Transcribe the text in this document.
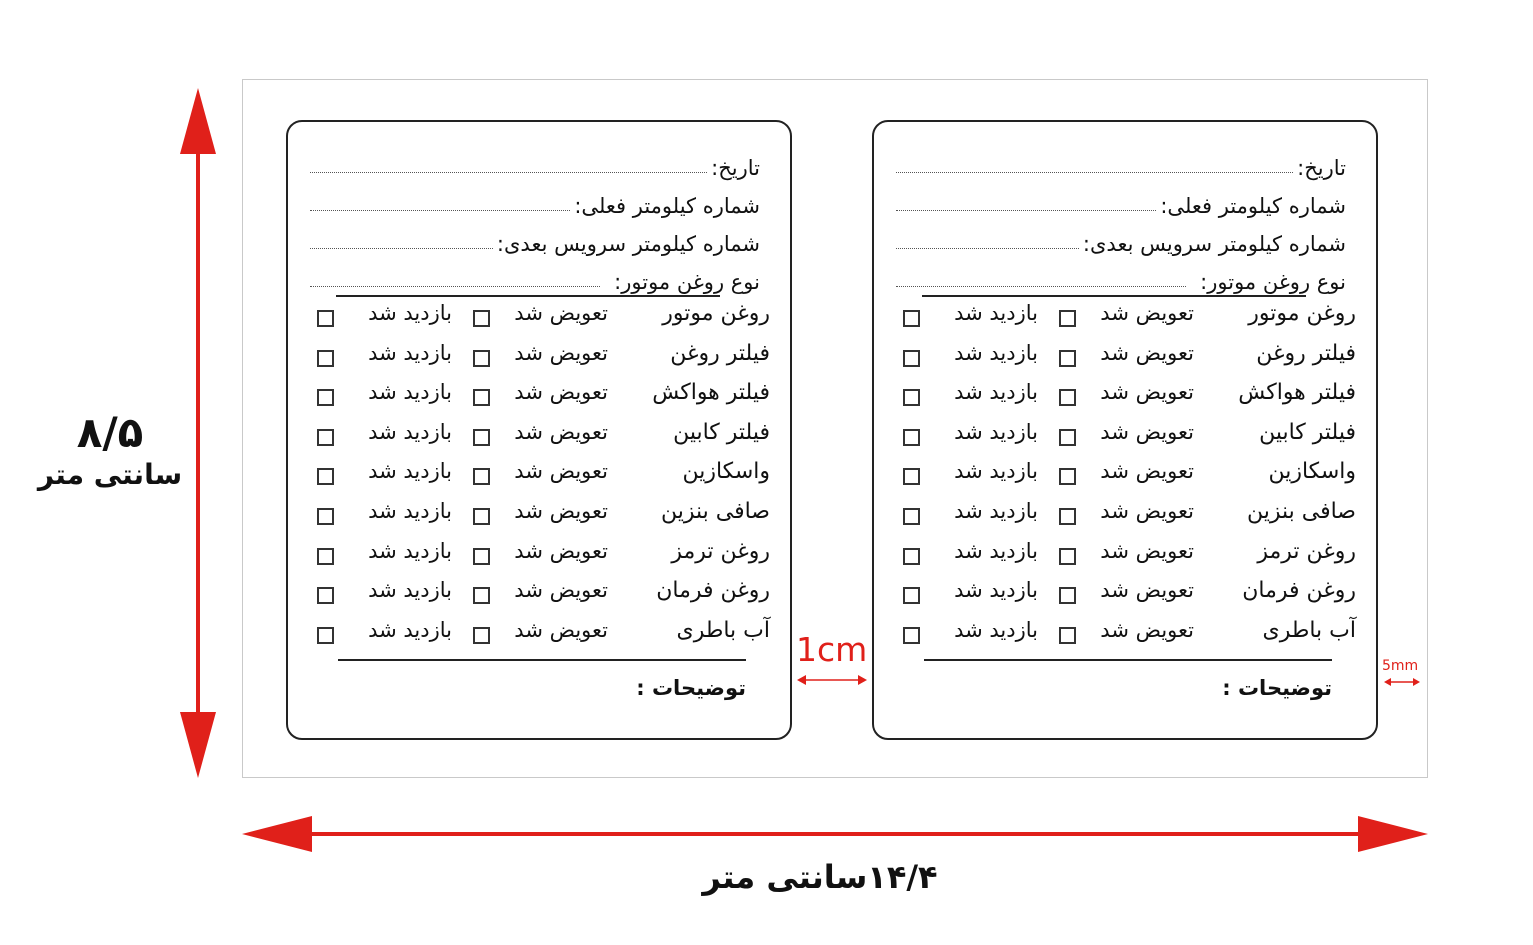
۸/۵
سانتی متر
۱۴/۴سانتی متر
تاریخ:
شماره کیلومتر فعلی:
شماره کیلومتر سرویس بعدی:
نوع روغن موتور:
روغن موتور
تعویض شد
بازدید شد
فیلتر روغن
تعویض شد
بازدید شد
فیلتر هواکش
تعویض شد
بازدید شد
فیلتر کابین
تعویض شد
بازدید شد
واسکازین
تعویض شد
بازدید شد
صافی بنزین
تعویض شد
بازدید شد
روغن ترمز
تعویض شد
بازدید شد
روغن فرمان
تعویض شد
بازدید شد
آب باطری
تعویض شد
بازدید شد
توضیحات :
تاریخ:
شماره کیلومتر فعلی:
شماره کیلومتر سرویس بعدی:
نوع روغن موتور:
روغن موتور
تعویض شد
بازدید شد
فیلتر روغن
تعویض شد
بازدید شد
فیلتر هواکش
تعویض شد
بازدید شد
فیلتر کابین
تعویض شد
بازدید شد
واسکازین
تعویض شد
بازدید شد
صافی بنزین
تعویض شد
بازدید شد
روغن ترمز
تعویض شد
بازدید شد
روغن فرمان
تعویض شد
بازدید شد
آب باطری
تعویض شد
بازدید شد
توضیحات :
1cm	5mm
